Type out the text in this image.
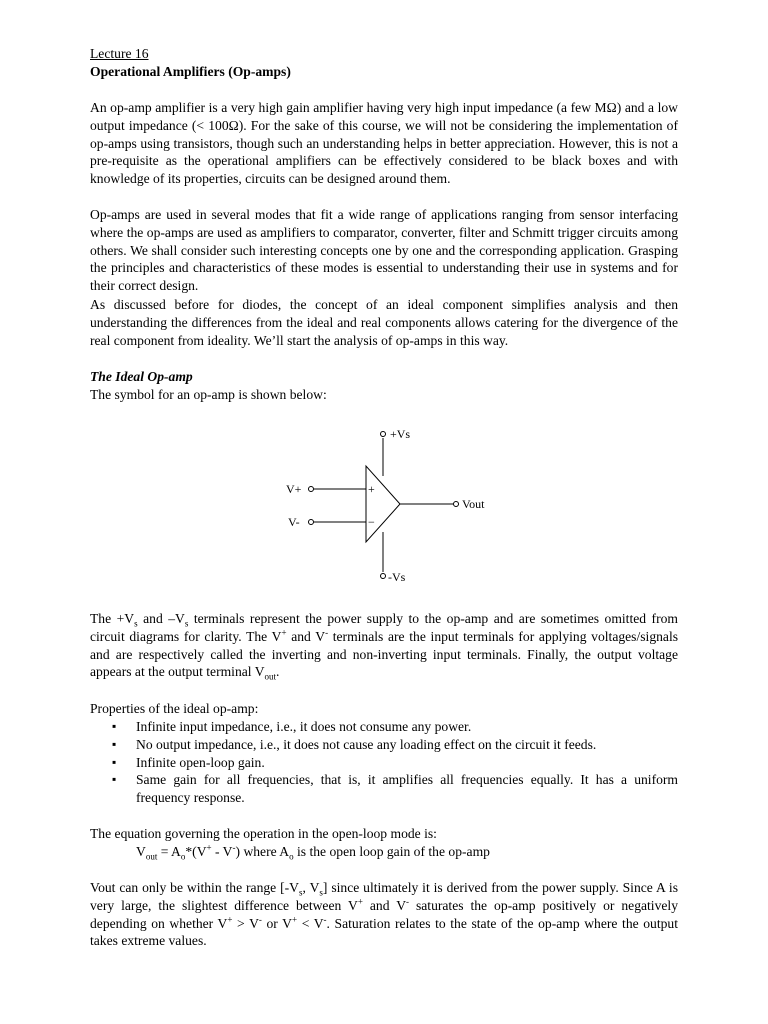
Lecture 16

Operational Amplifiers (Op-amps)

An op-amp amplifier is a very high gain amplifier having very high input impedance (a few MΩ) and a low output impedance (< 100Ω). For the sake of this course, we will not be considering the implementation of op-amps using transistors, though such an understanding helps in better appreciation. However, this is not a pre-requisite as the operational amplifiers can be effectively considered to be black boxes and with knowledge of its properties, circuits can be designed around them.

Op-amps are used in several modes that fit a wide range of applications ranging from sensor interfacing where the op-amps are used as amplifiers to comparator, converter, filter and Schmitt trigger circuits among others. We shall consider such interesting concepts one by one and the corresponding application. Grasping the principles and characteristics of these modes is essential to understanding their use in systems and for their correct design.

As discussed before for diodes, the concept of an ideal component simplifies analysis and then understanding the differences from the ideal and real components allows catering for the divergence of the real component from ideality. We’ll start the analysis of op-amps in this way.

The Ideal Op-amp

The symbol for an op-amp is shown below:

+Vs
-Vs
V+
V-
+
−
Vout

The $+V_s$ and $-V_s$ terminals represent the power supply to the op-amp and are sometimes omitted from circuit diagrams for clarity. The V+ and V- terminals are the input terminals for applying voltages/signals and are respectively called the inverting and non-inverting input terminals. Finally, the output voltage appears at the output terminal $V_{out}$.

Properties of the ideal op-amp:

▪ Infinite input impedance, i.e., it does not consume any power.
▪ No output impedance, i.e., it does not cause any loading effect on the circuit it feeds.
▪ Infinite open-loop gain.
▪ Same gain for all frequencies, that is, it amplifies all frequencies equally. It has a uniform frequency response.

The equation governing the operation in the open-loop mode is:

$V_{out} = A_o*(V^+ - V^-)$ where $A_o$ is the open loop gain of the op-amp

Vout can only be within the range [$-V_s$, $V_s$] since ultimately it is derived from the power supply. Since A is very large, the slightest difference between V+ and V- saturates the op-amp positively or negatively depending on whether V+ > V- or V+ < V-. Saturation relates to the state of the op-amp where the output takes extreme values.
